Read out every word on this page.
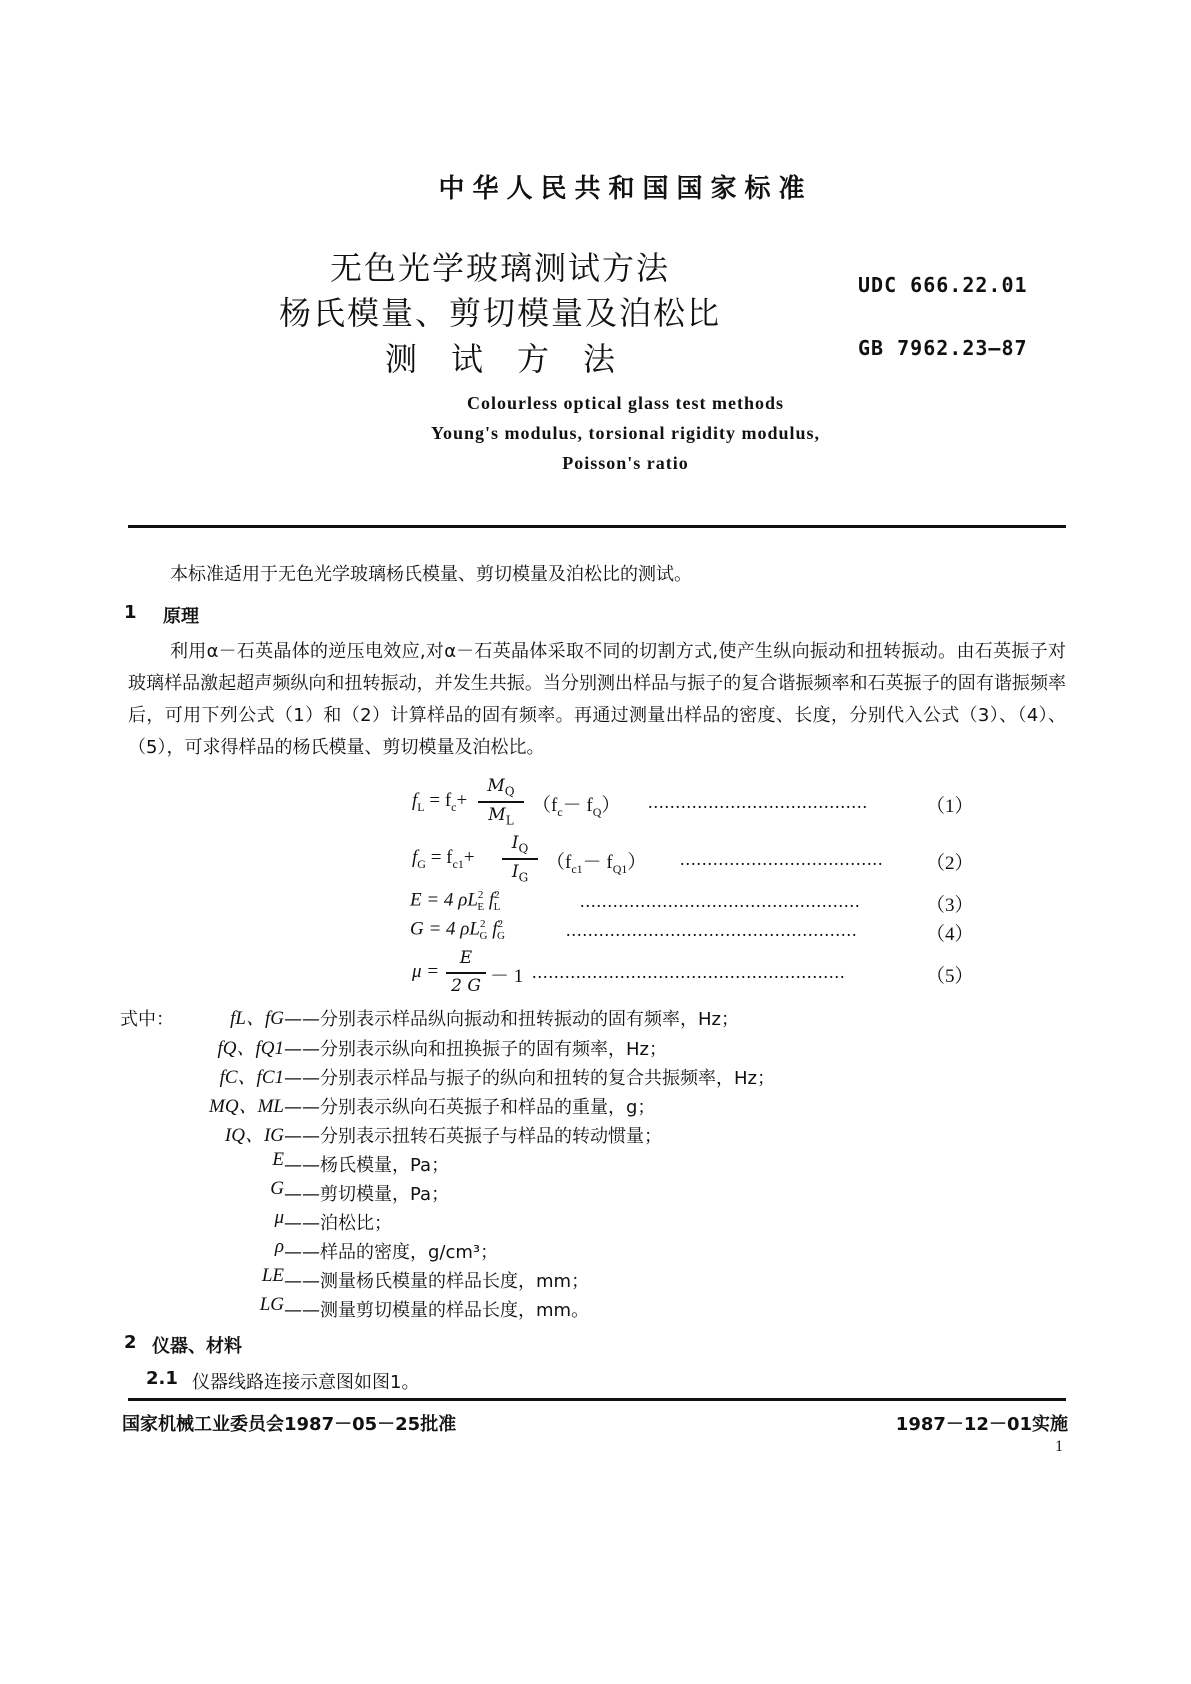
中华人民共和国国家标准
无色光学玻璃测试方法
杨氏模量、剪切模量及泊松比
测试方法
UDC 666.22.01
GB 7962.23—87
Colourless optical glass test methods
Young's modulus, torsional rigidity modulus,
Poisson's ratio
本标准适用于无色光学玻璃杨氏模量、剪切模量及泊松比的测试。
1 原理
利用α－石英晶体的逆压电效应,对α－石英晶体采取不同的切割方式,使产生纵向振动和扭转振动。由石英振子对玻璃样品激起超声频纵向和扭转振动，并发生共振。当分别测出样品与振子的复合谐振频率和石英振子的固有谐振频率后，可用下列公式（1）和（2）计算样品的固有频率。再通过测量出样品的密度、长度，分别代入公式（3）、（4）、（5），可求得样品的杨氏模量、剪切模量及泊松比。
$f_L = f_c+$
$M_Q$
$M_L$
$(f_c- f_Q)$ ........................................	（1）
$f_G = f_{c1}+$
$I_Q$
$I_G$
$(f_{c1}- f_{Q1})$ ..................................... （2）
E = 4 $\rho L^2_E$ $f^2_L$	...................................................	（3）
G = 4 $\rho L^2_G$ $f^2_G$	.....................................................	（4）
μ =
E
2 G － 1 .........................................................	（5）
式中：	fL、fG ——分别表示样品纵向振动和扭转振动的固有频率，Hz；
fQ、fQ1 ——分别表示纵向和扭换振子的固有频率，Hz；
fC、fC1 ——分别表示样品与振子的纵向和扭转的复合共振频率，Hz；
MQ、ML ——分别表示纵向石英振子和样品的重量，g；
IQ、IG ——分别表示扭转石英振子与样品的转动惯量；
E ——杨氏模量，Pa；
G ——剪切模量，Pa；
μ ——泊松比；
ρ ——样品的密度，g/cm³；
LE ——测量杨氏模量的样品长度，mm；
LG ——测量剪切模量的样品长度，mm。
2 仪器、材料
2.1 仪器线路连接示意图如图1。
国家机械工业委员会1987－05－25批准	1987－12－01实施
1
